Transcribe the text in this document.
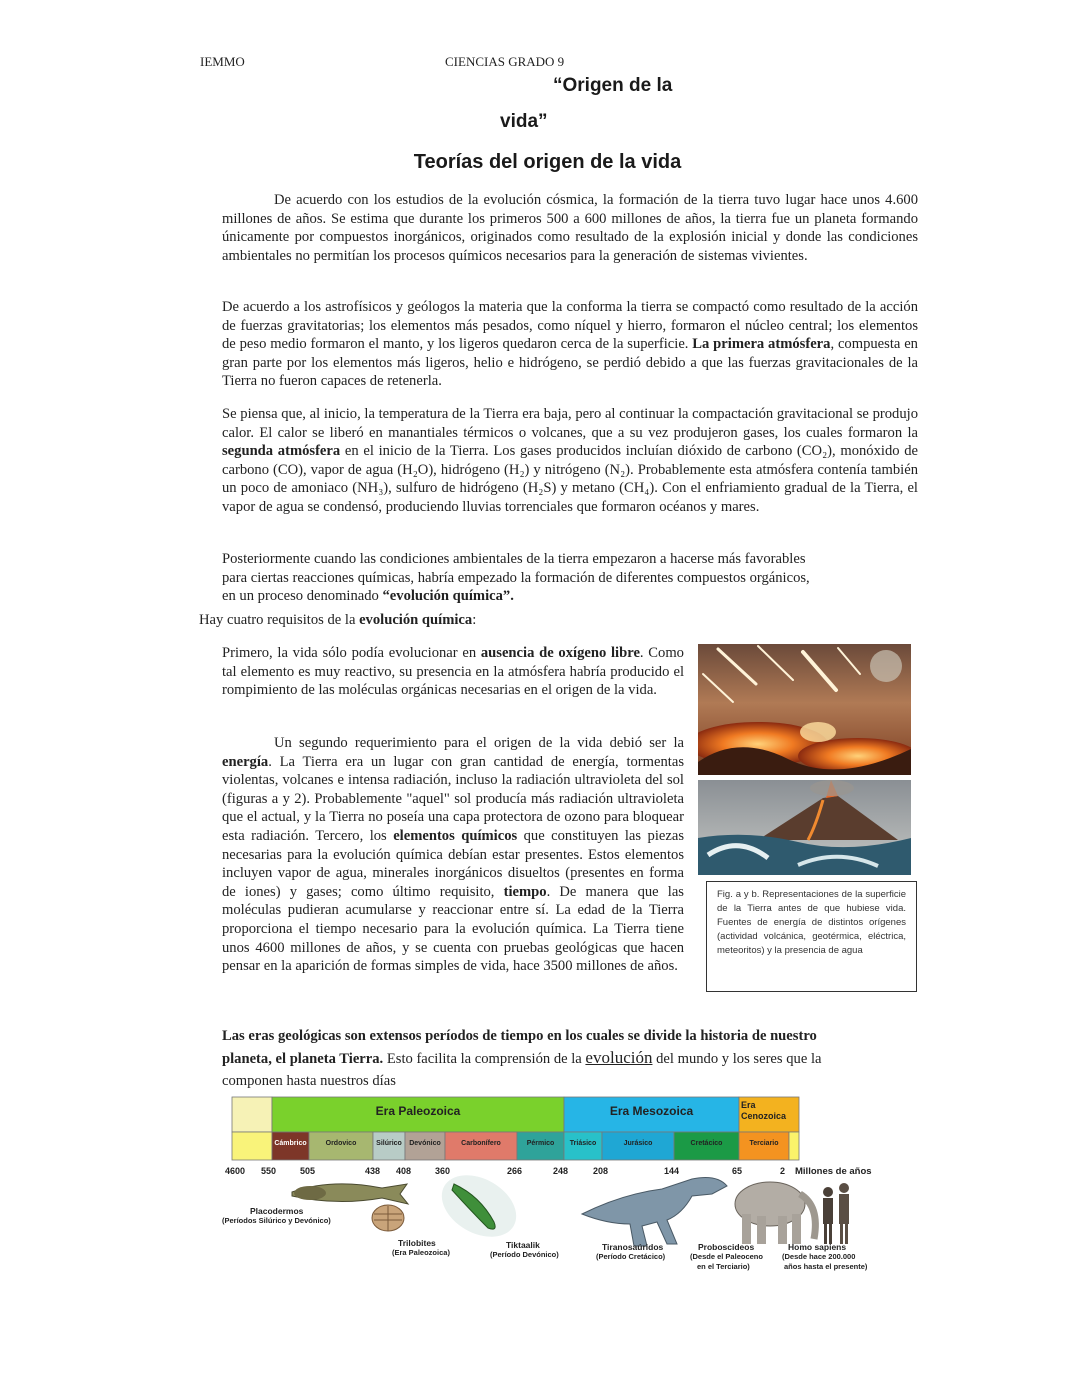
IEMMO	CIENCIAS GRADO 9
“Origen de la
vida”
Teorías del origen de la vida

De acuerdo con los estudios de la evolución cósmica, la formación de la tierra tuvo lugar hace unos 4.600 millones de años. Se estima que durante los primeros 500 a 600 millones de años, la tierra fue un planeta formando únicamente por compuestos inorgánicos, originados como resultado de la explosión inicial y donde las condiciones ambientales no permitían los procesos químicos necesarios para la generación de sistemas vivientes.

De acuerdo a los astrofísicos y geólogos la materia que la conforma la tierra se compactó como resultado de la acción de fuerzas gravitatorias; los elementos más pesados, como níquel y hierro, formaron el núcleo central; los elementos de peso medio formaron el manto, y los ligeros quedaron cerca de la superficie. La primera atmósfera, compuesta en gran parte por los elementos más ligeros, helio e hidrógeno, se perdió debido a que las fuerzas gravitacionales de la Tierra no fueron capaces de retenerla.

Se piensa que, al inicio, la temperatura de la Tierra era baja, pero al continuar la compactación gravitacional se produjo calor. El calor se liberó en manantiales térmicos o volcanes, que a su vez produjeron gases, los cuales formaron la segunda atmósfera en el inicio de la Tierra. Los gases producidos incluían dióxido de carbono (CO₂), monóxido de carbono (CO), vapor de agua (H₂O), hidrógeno (H₂) y nitrógeno (N₂). Probablemente esta atmósfera contenía también un poco de amoniaco (NH₃), sulfuro de hidrógeno (H₂S) y metano (CH₄). Con el enfriamiento gradual de la Tierra, el vapor de agua se condensó, produciendo lluvias torrenciales que formaron océanos y mares.

Posteriormente cuando las condiciones ambientales de la tierra empezaron a hacerse más favorables para ciertas reacciones químicas, habría empezado la formación de diferentes compuestos orgánicos, en un proceso denominado “evolución química”.

Hay cuatro requisitos de la evolución química:

Primero, la vida sólo podía evolucionar en ausencia de oxígeno libre. Como tal elemento es muy reactivo, su presencia en la atmósfera habría producido el rompimiento de las moléculas orgánicas necesarias en el origen de la vida.

Un segundo requerimiento para el origen de la vida debió ser la energía. La Tierra era un lugar con gran cantidad de energía, tormentas violentas, volcanes e intensa radiación, incluso la radiación ultravioleta del sol (figuras a y 2). Probablemente "aquel" sol producía más radiación ultravioleta que el actual, y la Tierra no poseía una capa protectora de ozono para bloquear esta radiación. Tercero, los elementos químicos que constituyen las piezas necesarias para la evolución química debían estar presentes. Estos elementos incluyen vapor de agua, minerales inorgánicos disueltos (presentes en forma de iones) y gases; como último requisito, tiempo. De manera que las moléculas pudieran acumularse y reaccionar entre sí. La edad de la Tierra proporciona el tiempo necesario para la evolución química. La Tierra tiene unos 4600 millones de años, y se cuenta con pruebas geológicas que hacen pensar en la aparición de formas simples de vida, hace 3500 millones de años.

Fig. a y b. Representaciones de la superficie de la Tierra antes de que hubiese vida. Fuentes de energía de distintos orígenes (actividad volcánica, geotérmica, eléctrica, meteoritos) y la presencia de agua

Las eras geológicas son extensos períodos de tiempo en los cuales se divide la historia de nuestro planeta, el planeta Tierra. Esto facilita la comprensión de la evolución del mundo y los seres que la componen hasta nuestros días

Era Paleozoica	Era Mesozoica	Era Cenozoica
Cámbrico	Ordovico	Silúrico	Devónico	Carbonífero	Pérmico	Triásico	Jurásico	Cretácico	Terciario
4600 550	505	438 408	360	266	248	208	144	65	2 Millones de años
Placodermos
(Períodos Silúrico y Devónico)
Trilobites
(Era Paleozoica)
Tiktaalik
(Período Devónico)
Tiranosaúridos
(Período Cretácico)
Proboscideos
(Desde el Paleoceno
en el Terciario)
Homo sapiens
(Desde hace 200.000
años hasta el presente)
